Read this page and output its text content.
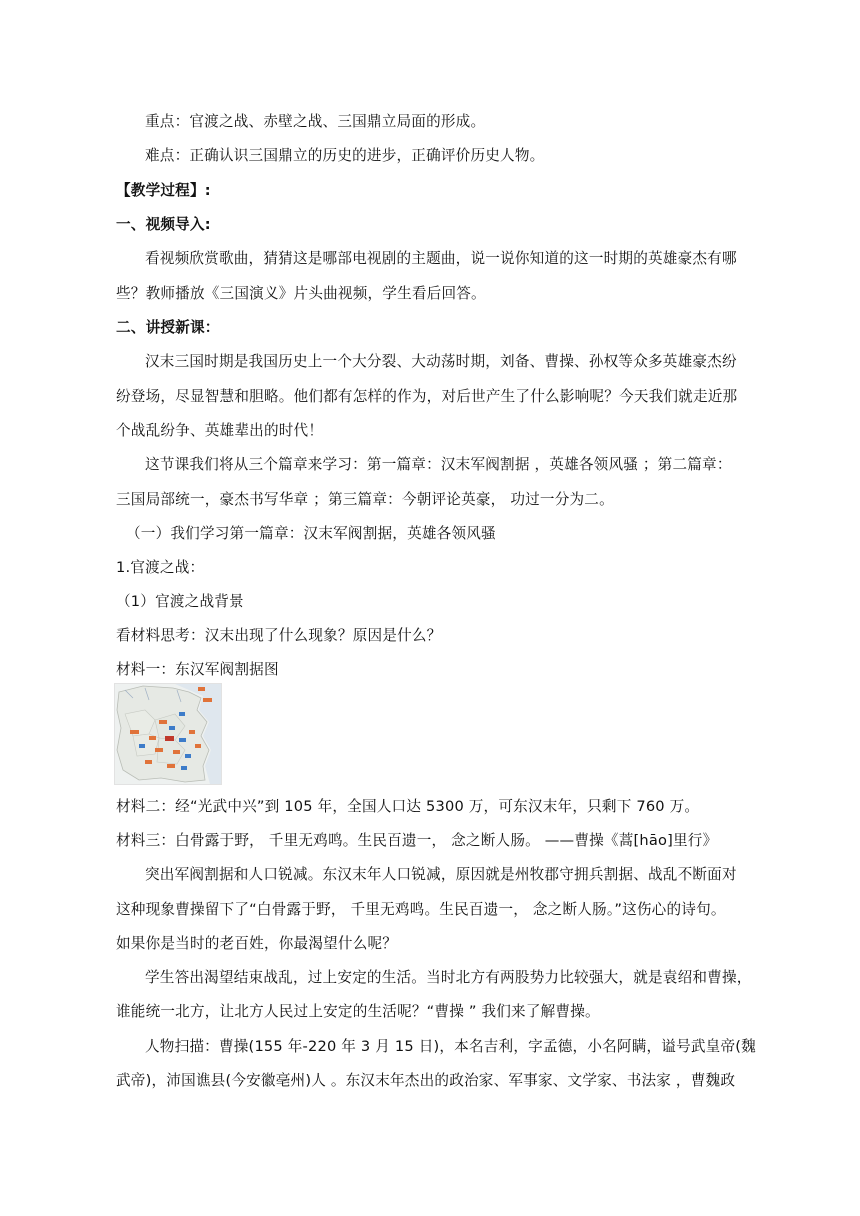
重点：官渡之战、赤壁之战、三国鼎立局面的形成。
难点：正确认识三国鼎立的历史的进步，正确评价历史人物。
【教学过程】:
一、视频导入:
看视频欣赏歌曲，猜猜这是哪部电视剧的主题曲，说一说你知道的这一时期的英雄豪杰有哪
些？教师播放《三国演义》片头曲视频，学生看后回答。
二、讲授新课：
汉末三国时期是我国历史上一个大分裂、大动荡时期，刘备、曹操、孙权等众多英雄豪杰纷
纷登场，尽显智慧和胆略。他们都有怎样的作为，对后世产生了什么影响呢？今天我们就走近那
个战乱纷争、英雄辈出的时代！
这节课我们将从三个篇章来学习：第一篇章：汉末军阀割据 ，英雄各领风骚 ；第二篇章：
三国局部统一，豪杰书写华章 ；第三篇章：今朝评论英豪， 功过一分为二。
（一）我们学习第一篇章：汉末军阀割据，英雄各领风骚
1.官渡之战：
（1）官渡之战背景
看材料思考：汉末出现了什么现象？原因是什么？
材料一：东汉军阀割据图
材料二：经“光武中兴”到 105 年，全国人口达 5300 万，可东汉末年，只剩下 760 万。
材料三：白骨露于野， 千里无鸡鸣。生民百遗一， 念之断人肠。 ——曹操《蒿[hāo]里行》
突出军阀割据和人口锐减。东汉末年人口锐减，原因就是州牧郡守拥兵割据、战乱不断面对
这种现象曹操留下了“白骨露于野， 千里无鸡鸣。生民百遗一， 念之断人肠。”这伤心的诗句。
如果你是当时的老百姓，你最渴望什么呢？
学生答出渴望结束战乱，过上安定的生活。当时北方有两股势力比较强大，就是袁绍和曹操，
谁能统一北方，让北方人民过上安定的生活呢？“曹操 ” 我们来了解曹操。
人物扫描：曹操(155 年-220 年 3 月 15 日)，本名吉利，字孟德，小名阿瞒，谥号武皇帝(魏
武帝)，沛国谯县(今安徽亳州)人 。东汉末年杰出的政治家、军事家、文学家、书法家 ，曹魏政
